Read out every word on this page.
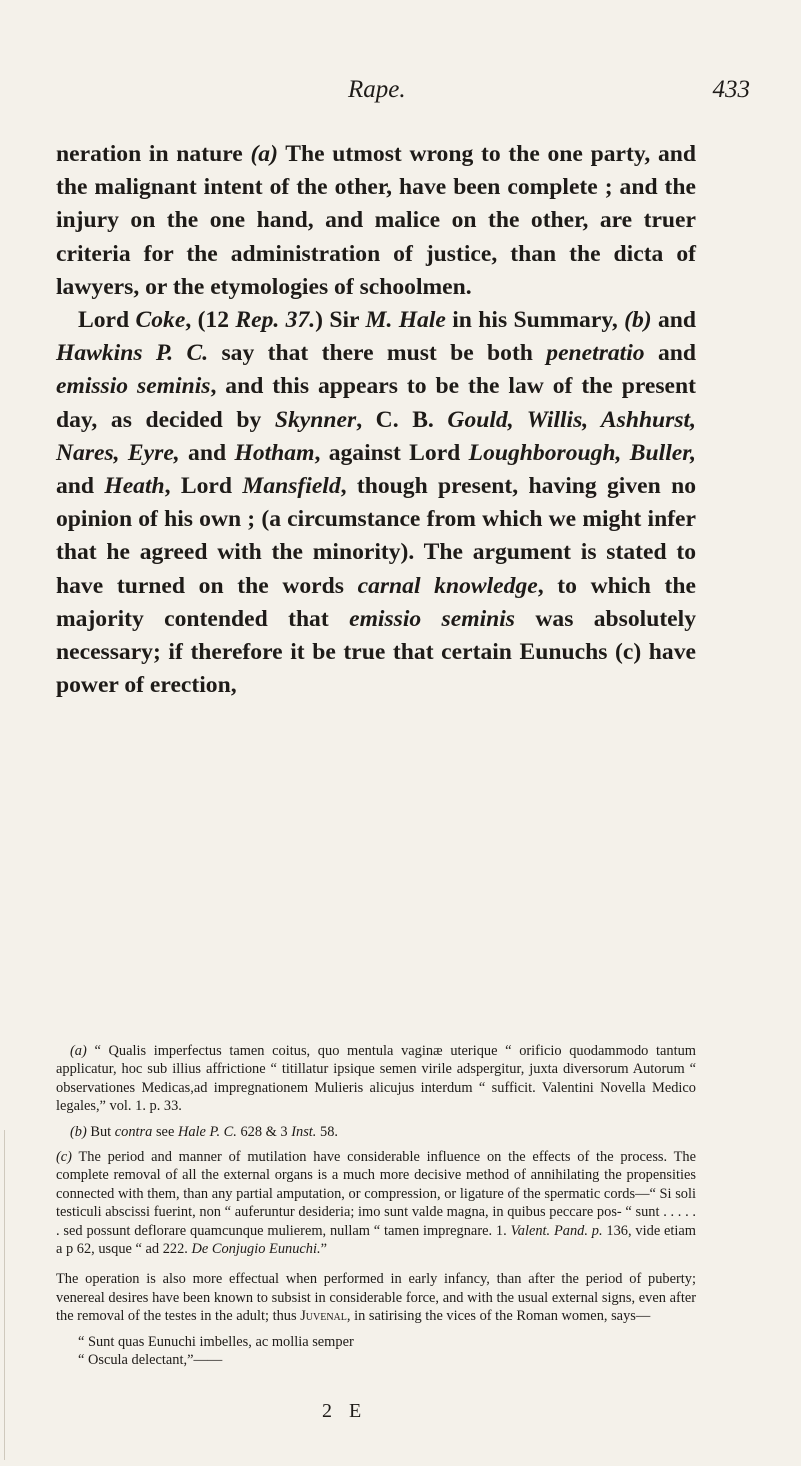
Rape.	433

neration in nature (a) The utmost wrong to the one party, and the malignant intent of the other, have been complete ; and the injury on the one hand, and malice on the other, are truer criteria for the administration of justice, than the dicta of lawyers, or the etymologies of schoolmen.

Lord Coke, (12 Rep. 37.) Sir M. Hale in his Summary, (b) and Hawkins P. C. say that there must be both penetratio and emissio seminis, and this appears to be the law of the present day, as decided by Skynner, C. B. Gould, Willis, Ashhurst, Nares, Eyre, and Hotham, against Lord Loughborough, Buller, and Heath, Lord Mansfield, though present, having given no opinion of his own ; (a circumstance from which we might infer that he agreed with the minority). The argument is stated to have turned on the words carnal knowledge, to which the majority contended that emissio seminis was absolutely necessary; if therefore it be true that certain Eunuchs (c) have power of erection,

(a) “ Qualis imperfectus tamen coitus, quo mentula vaginæ uterique “ orificio quodammodo tantum applicatur, hoc sub illius affrictione “ titillatur ipsique semen virile adspergitur, juxta diversorum Autorum “ observationes Medicas,ad impregnationem Mulieris alicujus interdum “ sufficit. Valentini Novella Medico legales,” vol. 1. p. 33.

(b) But contra see Hale P. C. 628 & 3 Inst. 58.

(c) The period and manner of mutilation have considerable influence on the effects of the process. The complete removal of all the external organs is a much more decisive method of annihilating the propensities connected with them, than any partial amputation, or compression, or ligature of the spermatic cords—“ Si soli testiculi abscissi fuerint, non “ auferuntur desideria; imo sunt valde magna, in quibus peccare pos- “ sunt . . . . . . sed possunt deflorare quamcunque mulierem, nullam “ tamen impregnare. 1. Valent. Pand. p. 136, vide etiam a p 62, usque “ ad 222. De Conjugio Eunuchi.”

The operation is also more effectual when performed in early infancy, than after the period of puberty; venereal desires have been known to subsist in considerable force, and with the usual external signs, even after the removal of the testes in the adult; thus Juvenal, in satirising the vices of the Roman women, says—

“ Sunt quas Eunuchi imbelles, ac mollia semper

“ Oscula delectant,”——

2 E
